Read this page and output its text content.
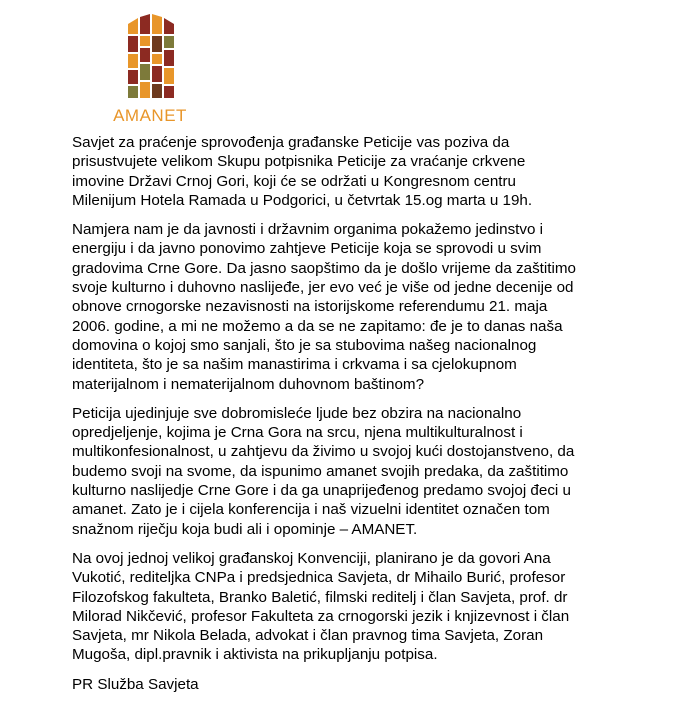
AMANET

Savjet za praćenje sprovođenja građanske Peticije vas poziva da
prisustvujete velikom Skupu potpisnika Peticije za vraćanje crkvene
imovine Državi Crnoj Gori, koji će se održati u Kongresnom centru
Milenijum Hotela Ramada u Podgorici, u četvrtak 15.og marta u 19h.

Namjera nam je da javnosti i državnim organima pokažemo jedinstvo i
energiju i da javno ponovimo zahtjeve Peticije koja se sprovodi u svim
gradovima Crne Gore. Da jasno saopštimo da je došlo vrijeme da zaštitimo
svoje kulturno i duhovno naslijeđe, jer evo već je više od jedne decenije od
obnove crnogorske nezavisnosti na istorijskome referendumu 21. maja
2006. godine, a mi ne možemo a da se ne zapitamo: đe je to danas naša
domovina o kojoj smo sanjali, što je sa stubovima našeg nacionalnog
identiteta, što je sa našim manastirima i crkvama i sa cjelokupnom
materijalnom i nematerijalnom duhovnom baštinom?

Peticija ujedinjuje sve dobromisleće ljude bez obzira na nacionalno
opredjeljenje, kojima je Crna Gora na srcu, njena multikulturalnost i
multikonfesionalnost, u zahtjevu da živimo u svojoj kući dostojanstveno, da
budemo svoji na svome, da ispunimo amanet svojih predaka, da zaštitimo
kulturno naslijedje Crne Gore i da ga unaprijeđenog predamo svojoj đeci u
amanet. Zato je i cijela konferencija i naš vizuelni identitet označen tom
snažnom riječju koja budi ali i opominje – AMANET.

Na ovoj jednoj velikoj građanskoj Konvenciji, planirano je da govori Ana
Vukotić, rediteljka CNPa i predsjednica Savjeta, dr Mihailo Burić, profesor
Filozofskog fakulteta, Branko Baletić, filmski reditelj i član Savjeta, prof. dr
Milorad Nikčević, profesor Fakulteta za crnogorski jezik i knjizevnost i član
Savjeta, mr Nikola Belada, advokat i član pravnog tima Savjeta, Zoran
Mugoša, dipl.pravnik i aktivista na prikupljanju potpisa.

PR Služba Savjeta
